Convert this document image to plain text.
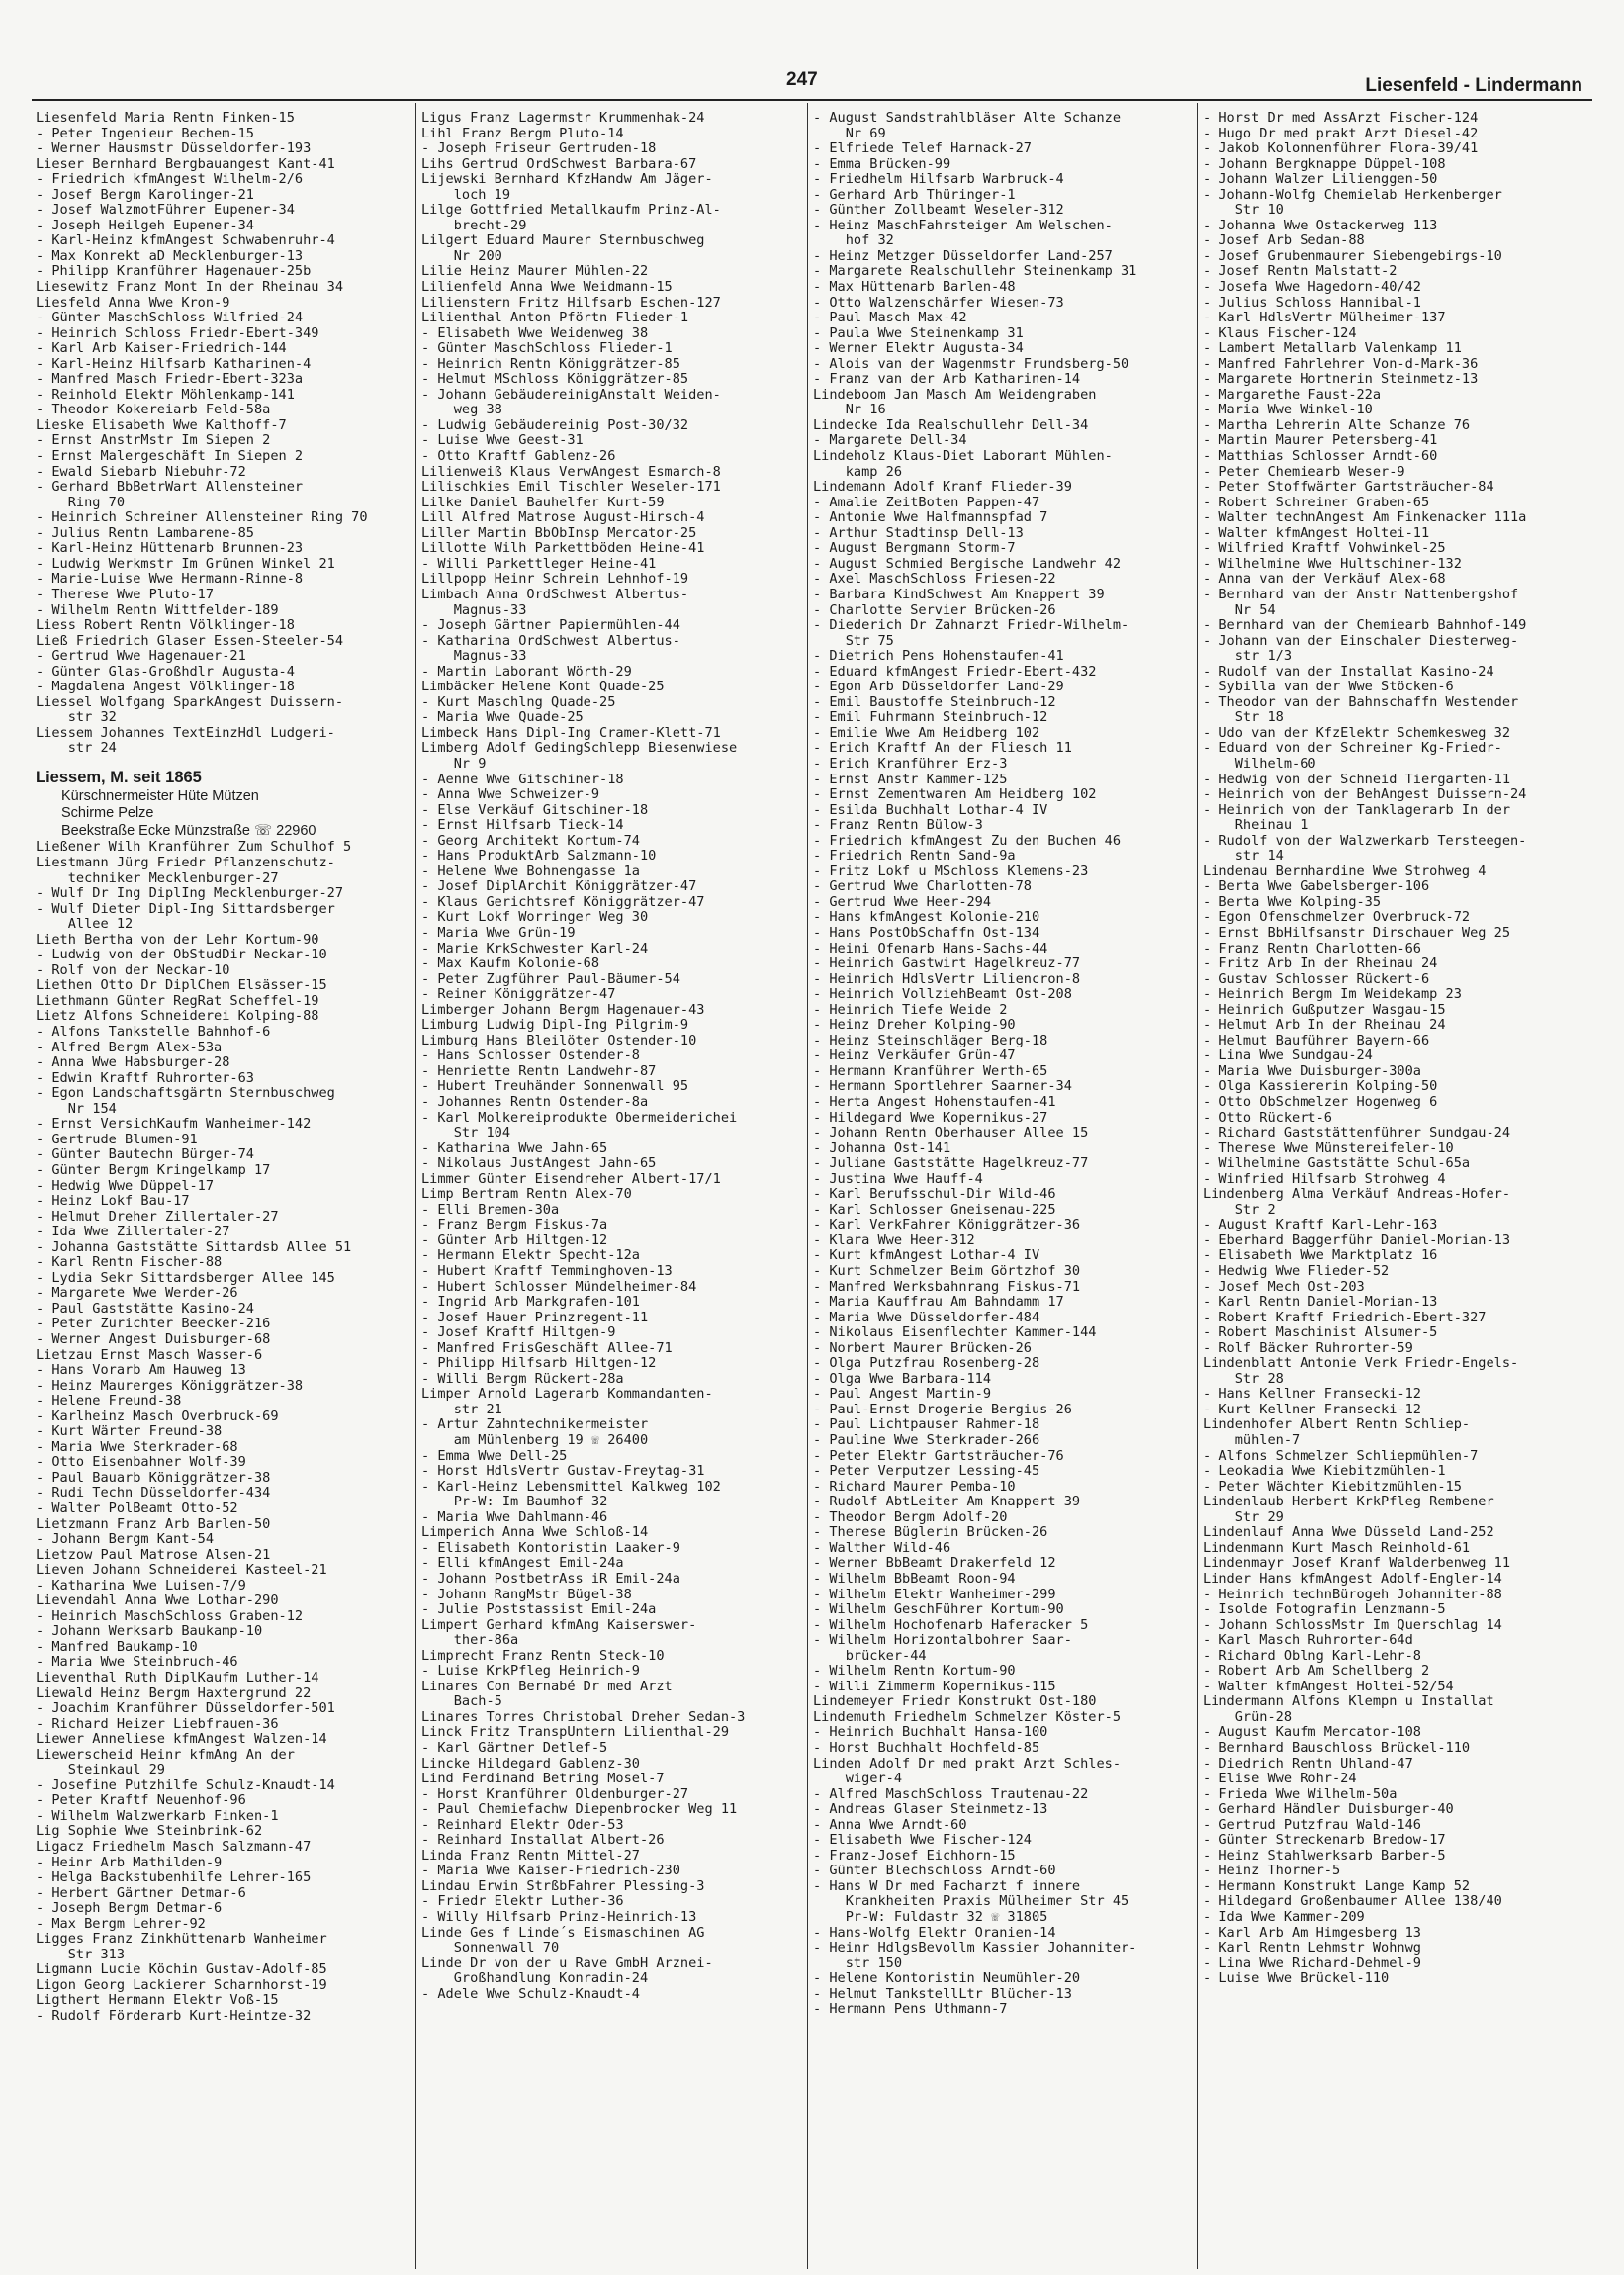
247	Liesenfeld - Lindermann
Liesenfeld Maria Rentn Finken-15
- Peter Ingenieur Bechem-15
- Werner Hausmstr Düsseldorfer-193
Lieser Bernhard Bergbauangest Kant-41
- Friedrich kfmAngest Wilhelm-2/6
- Josef Bergm Karolinger-21
- Josef WalzmotFührer Eupener-34
- Joseph Heilgeh Eupener-34
- Karl-Heinz kfmAngest Schwabenruhr-4
- Max Konrekt aD Mecklenburger-13
- Philipp Kranführer Hagenauer-25b
Liesewitz Franz Mont In der Rheinau 34
Liesfeld Anna Wwe Kron-9
- Günter MaschSchloss Wilfried-24
- Heinrich Schloss Friedr-Ebert-349
- Karl Arb Kaiser-Friedrich-144
- Karl-Heinz Hilfsarb Katharinen-4
- Manfred Masch Friedr-Ebert-323a
- Reinhold Elektr Möhlenkamp-141
- Theodor Kokereiarb Feld-58a
Lieske Elisabeth Wwe Kalthoff-7
- Ernst AnstrMstr Im Siepen 2
- Ernst Malergeschäft Im Siepen 2
- Ewald Siebarb Niebuhr-72
- Gerhard BbBetrWart Allensteiner
Ring 70
- Heinrich Schreiner Allensteiner Ring 70
- Julius Rentn Lambarene-85
- Karl-Heinz Hüttenarb Brunnen-23
- Ludwig Werkmstr Im Grünen Winkel 21
- Marie-Luise Wwe Hermann-Rinne-8
- Therese Wwe Pluto-17
- Wilhelm Rentn Wittfelder-189
Liess Robert Rentn Völklinger-18
Ließ Friedrich Glaser Essen-Steeler-54
- Gertrud Wwe Hagenauer-21
- Günter Glas-Großhdlr Augusta-4
- Magdalena Angest Völklinger-18
Liessel Wolfgang SparkAngest Duissern-
str 32
Liessem Johannes TextEinzHdl Ludgeri-
str 24
Liessem, M. seit 1865
Kürschnermeister Hüte Mützen
Schirme Pelze
Beekstraße Ecke Münzstraße ☏ 22960
Ließener Wilh Kranführer Zum Schulhof 5
Liestmann Jürg Friedr Pflanzenschutz-
techniker Mecklenburger-27
- Wulf Dr Ing DiplIng Mecklenburger-27
- Wulf Dieter Dipl-Ing Sittardsberger
Allee 12
Lieth Bertha von der Lehr Kortum-90
- Ludwig von der ObStudDir Neckar-10
- Rolf von der Neckar-10
Liethen Otto Dr DiplChem Elsässer-15
Liethmann Günter RegRat Scheffel-19
Lietz Alfons Schneiderei Kolping-88
- Alfons Tankstelle Bahnhof-6
- Alfred Bergm Alex-53a
- Anna Wwe Habsburger-28
- Edwin Kraftf Ruhrorter-63
- Egon Landschaftsgärtn Sternbuschweg
Nr 154
- Ernst VersichKaufm Wanheimer-142
- Gertrude Blumen-91
- Günter Bautechn Bürger-74
- Günter Bergm Kringelkamp 17
- Hedwig Wwe Düppel-17
- Heinz Lokf Bau-17
- Helmut Dreher Zillertaler-27
- Ida Wwe Zillertaler-27
- Johanna Gaststätte Sittardsb Allee 51
- Karl Rentn Fischer-88
- Lydia Sekr Sittardsberger Allee 145
- Margarete Wwe Werder-26
- Paul Gaststätte Kasino-24
- Peter Zurichter Beecker-216
- Werner Angest Duisburger-68
Lietzau Ernst Masch Wasser-6
- Hans Vorarb Am Hauweg 13
- Heinz Maurerges Königgrätzer-38
- Helene Freund-38
- Karlheinz Masch Overbruck-69
- Kurt Wärter Freund-38
- Maria Wwe Sterkrader-68
- Otto Eisenbahner Wolf-39
- Paul Bauarb Königgrätzer-38
- Rudi Techn Düsseldorfer-434
- Walter PolBeamt Otto-52
Lietzmann Franz Arb Barlen-50
- Johann Bergm Kant-54
Lietzow Paul Matrose Alsen-21
Lieven Johann Schneiderei Kasteel-21
- Katharina Wwe Luisen-7/9
Lievendahl Anna Wwe Lothar-290
- Heinrich MaschSchloss Graben-12
- Johann Werksarb Baukamp-10
- Manfred Baukamp-10
- Maria Wwe Steinbruch-46
Lieventhal Ruth DiplKaufm Luther-14
Liewald Heinz Bergm Haxtergrund 22
- Joachim Kranführer Düsseldorfer-501
- Richard Heizer Liebfrauen-36
Liewer Anneliese kfmAngest Walzen-14
Liewerscheid Heinr kfmAng An der
Steinkaul 29
- Josefine Putzhilfe Schulz-Knaudt-14
- Peter Kraftf Neuenhof-96
- Wilhelm Walzwerkarb Finken-1
Lig Sophie Wwe Steinbrink-62
Ligacz Friedhelm Masch Salzmann-47
- Heinr Arb Mathilden-9
- Helga Backstubenhilfe Lehrer-165
- Herbert Gärtner Detmar-6
- Joseph Bergm Detmar-6
- Max Bergm Lehrer-92
Ligges Franz Zinkhüttenarb Wanheimer
Str 313
Ligmann Lucie Köchin Gustav-Adolf-85
Ligon Georg Lackierer Scharnhorst-19
Ligthert Hermann Elektr Voß-15
- Rudolf Förderarb Kurt-Heintze-32
Ligus Franz Lagermstr Krummenhak-24
Lihl Franz Bergm Pluto-14
- Joseph Friseur Gertruden-18
Lihs Gertrud OrdSchwest Barbara-67
Lijewski Bernhard KfzHandw Am Jäger-
loch 19
Lilge Gottfried Metallkaufm Prinz-Al-
brecht-29
Lilgert Eduard Maurer Sternbuschweg
Nr 200
Lilie Heinz Maurer Mühlen-22
Lilienfeld Anna Wwe Weidmann-15
Lilienstern Fritz Hilfsarb Eschen-127
Lilienthal Anton Pförtn Flieder-1
- Elisabeth Wwe Weidenweg 38
- Günter MaschSchloss Flieder-1
- Heinrich Rentn Königgrätzer-85
- Helmut MSchloss Königgrätzer-85
- Johann GebäudereinigAnstalt Weiden-
weg 38
- Ludwig Gebäudereinig Post-30/32
- Luise Wwe Geest-31
- Otto Kraftf Gablenz-26
Lilienweiß Klaus VerwAngest Esmarch-8
Lilischkies Emil Tischler Weseler-171
Lilke Daniel Bauhelfer Kurt-59
Lill Alfred Matrose August-Hirsch-4
Liller Martin BbObInsp Mercator-25
Lillotte Wilh Parkettböden Heine-41
- Willi Parkettleger Heine-41
Lillpopp Heinr Schrein Lehnhof-19
Limbach Anna OrdSchwest Albertus-
Magnus-33
- Joseph Gärtner Papiermühlen-44
- Katharina OrdSchwest Albertus-
Magnus-33
- Martin Laborant Wörth-29
Limbäcker Helene Kont Quade-25
- Kurt Maschlng Quade-25
- Maria Wwe Quade-25
Limbeck Hans Dipl-Ing Cramer-Klett-71
Limberg Adolf GedingSchlepp Biesenwiese
Nr 9
- Aenne Wwe Gitschiner-18
- Anna Wwe Schweizer-9
- Else Verkäuf Gitschiner-18
- Ernst Hilfsarb Tieck-14
- Georg Architekt Kortum-74
- Hans ProduktArb Salzmann-10
- Helene Wwe Bohnengasse 1a
- Josef DiplArchit Königgrätzer-47
- Klaus Gerichtsref Königgrätzer-47
- Kurt Lokf Worringer Weg 30
- Maria Wwe Grün-19
- Marie KrkSchwester Karl-24
- Max Kaufm Kolonie-68
- Peter Zugführer Paul-Bäumer-54
- Reiner Königgrätzer-47
Limberger Johann Bergm Hagenauer-43
Limburg Ludwig Dipl-Ing Pilgrim-9
Limburg Hans Bleilöter Ostender-10
- Hans Schlosser Ostender-8
- Henriette Rentn Landwehr-87
- Hubert Treuhänder Sonnenwall 95
- Johannes Rentn Ostender-8a
- Karl Molkereiprodukte Obermeiderichei
Str 104
- Katharina Wwe Jahn-65
- Nikolaus JustAngest Jahn-65
Limmer Günter Eisendreher Albert-17/1
Limp Bertram Rentn Alex-70
- Elli Bremen-30a
- Franz Bergm Fiskus-7a
- Günter Arb Hiltgen-12
- Hermann Elektr Specht-12a
- Hubert Kraftf Temminghoven-13
- Hubert Schlosser Mündelheimer-84
- Ingrid Arb Markgrafen-101
- Josef Hauer Prinzregent-11
- Josef Kraftf Hiltgen-9
- Manfred FrisGeschäft Allee-71
- Philipp Hilfsarb Hiltgen-12
- Willi Bergm Rückert-28a
Limper Arnold Lagerarb Kommandanten-
str 21
- Artur Zahntechnikermeister
am Mühlenberg 19 ☏ 26400
- Emma Wwe Dell-25
- Horst HdlsVertr Gustav-Freytag-31
- Karl-Heinz Lebensmittel Kalkweg 102
Pr-W: Im Baumhof 32
- Maria Wwe Dahlmann-46
Limperich Anna Wwe Schloß-14
- Elisabeth Kontoristin Laaker-9
- Elli kfmAngest Emil-24a
- Johann PostbetrAss iR Emil-24a
- Johann RangMstr Bügel-38
- Julie Poststassist Emil-24a
Limpert Gerhard kfmAng Kaiserswer-
ther-86a
Limprecht Franz Rentn Steck-10
- Luise KrkPfleg Heinrich-9
Linares Con Bernabé Dr med Arzt
Bach-5
Linares Torres Christobal Dreher Sedan-3
Linck Fritz TranspUntern Lilienthal-29
- Karl Gärtner Detlef-5
Lincke Hildegard Gablenz-30
Lind Ferdinand Betring Mosel-7
- Horst Kranführer Oldenburger-27
- Paul Chemiefachw Diepenbrocker Weg 11
- Reinhard Elektr Oder-53
- Reinhard Installat Albert-26
Linda Franz Rentn Mittel-27
- Maria Wwe Kaiser-Friedrich-230
Lindau Erwin StrßbFahrer Plessing-3
- Friedr Elektr Luther-36
- Willy Hilfsarb Prinz-Heinrich-13
Linde Ges f Linde´s Eismaschinen AG
Sonnenwall 70
Linde Dr von der u Rave GmbH Arznei-
Großhandlung Konradin-24
- Adele Wwe Schulz-Knaudt-4
- August Sandstrahlbläser Alte Schanze
Nr 69
- Elfriede Telef Harnack-27
- Emma Brücken-99
- Friedhelm Hilfsarb Warbruck-4
- Gerhard Arb Thüringer-1
- Günther Zollbeamt Weseler-312
- Heinz MaschFahrsteiger Am Welschen-
hof 32
- Heinz Metzger Düsseldorfer Land-257
- Margarete Realschullehr Steinenkamp 31
- Max Hüttenarb Barlen-48
- Otto Walzenschärfer Wiesen-73
- Paul Masch Max-42
- Paula Wwe Steinenkamp 31
- Werner Elektr Augusta-34
- Alois van der Wagenmstr Frundsberg-50
- Franz van der Arb Katharinen-14
Lindeboom Jan Masch Am Weidengraben
Nr 16
Lindecke Ida Realschullehr Dell-34
- Margarete Dell-34
Lindeholz Klaus-Diet Laborant Mühlen-
kamp 26
Lindemann Adolf Kranf Flieder-39
- Amalie ZeitBoten Pappen-47
- Antonie Wwe Halfmannspfad 7
- Arthur Stadtinsp Dell-13
- August Bergmann Storm-7
- August Schmied Bergische Landwehr 42
- Axel MaschSchloss Friesen-22
- Barbara KindSchwest Am Knappert 39
- Charlotte Servier Brücken-26
- Diederich Dr Zahnarzt Friedr-Wilhelm-
Str 75
- Dietrich Pens Hohenstaufen-41
- Eduard kfmAngest Friedr-Ebert-432
- Egon Arb Düsseldorfer Land-29
- Emil Baustoffe Steinbruch-12
- Emil Fuhrmann Steinbruch-12
- Emilie Wwe Am Heidberg 102
- Erich Kraftf An der Fliesch 11
- Erich Kranführer Erz-3
- Ernst Anstr Kammer-125
- Ernst Zementwaren Am Heidberg 102
- Esilda Buchhalt Lothar-4 IV
- Franz Rentn Bülow-3
- Friedrich kfmAngest Zu den Buchen 46
- Friedrich Rentn Sand-9a
- Fritz Lokf u MSchloss Klemens-23
- Gertrud Wwe Charlotten-78
- Gertrud Wwe Heer-294
- Hans kfmAngest Kolonie-210
- Hans PostObSchaffn Ost-134
- Heini Ofenarb Hans-Sachs-44
- Heinrich Gastwirt Hagelkreuz-77
- Heinrich HdlsVertr Liliencron-8
- Heinrich VollziehBeamt Ost-208
- Heinrich Tiefe Weide 2
- Heinz Dreher Kolping-90
- Heinz Steinschläger Berg-18
- Heinz Verkäufer Grün-47
- Hermann Kranführer Werth-65
- Hermann Sportlehrer Saarner-34
- Herta Angest Hohenstaufen-41
- Hildegard Wwe Kopernikus-27
- Johann Rentn Oberhauser Allee 15
- Johanna Ost-141
- Juliane Gaststätte Hagelkreuz-77
- Justina Wwe Hauff-4
- Karl Berufsschul-Dir Wild-46
- Karl Schlosser Gneisenau-225
- Karl VerkFahrer Königgrätzer-36
- Klara Wwe Heer-312
- Kurt kfmAngest Lothar-4 IV
- Kurt Schmelzer Beim Görtzhof 30
- Manfred Werksbahnrang Fiskus-71
- Maria Kauffrau Am Bahndamm 17
- Maria Wwe Düsseldorfer-484
- Nikolaus Eisenflechter Kammer-144
- Norbert Maurer Brücken-26
- Olga Putzfrau Rosenberg-28
- Olga Wwe Barbara-114
- Paul Angest Martin-9
- Paul-Ernst Drogerie Bergius-26
- Paul Lichtpauser Rahmer-18
- Pauline Wwe Sterkrader-266
- Peter Elektr Gartsträucher-76
- Peter Verputzer Lessing-45
- Richard Maurer Pemba-10
- Rudolf AbtLeiter Am Knappert 39
- Theodor Bergm Adolf-20
- Therese Büglerin Brücken-26
- Walther Wild-46
- Werner BbBeamt Drakerfeld 12
- Wilhelm BbBeamt Roon-94
- Wilhelm Elektr Wanheimer-299
- Wilhelm GeschFührer Kortum-90
- Wilhelm Hochofenarb Haferacker 5
- Wilhelm Horizontalbohrer Saar-
brücker-44
- Wilhelm Rentn Kortum-90
- Willi Zimmerm Kopernikus-115
Lindemeyer Friedr Konstrukt Ost-180
Lindemuth Friedhelm Schmelzer Köster-5
- Heinrich Buchhalt Hansa-100
- Horst Buchhalt Hochfeld-85
Linden Adolf Dr med prakt Arzt Schles-
wiger-4
- Alfred MaschSchloss Trautenau-22
- Andreas Glaser Steinmetz-13
- Anna Wwe Arndt-60
- Elisabeth Wwe Fischer-124
- Franz-Josef Eichhorn-15
- Günter Blechschloss Arndt-60
- Hans W Dr med Facharzt f innere
Krankheiten Praxis Mülheimer Str 45
Pr-W: Fuldastr 32 ☏ 31805
- Hans-Wolfg Elektr Oranien-14
- Heinr HdlgsBevollm Kassier Johanniter-
str 150
- Helene Kontoristin Neumühler-20
- Helmut TankstellLtr Blücher-13
- Hermann Pens Uthmann-7
- Horst Dr med AssArzt Fischer-124
- Hugo Dr med prakt Arzt Diesel-42
- Jakob Kolonnenführer Flora-39/41
- Johann Bergknappe Düppel-108
- Johann Walzer Lilienggen-50
- Johann-Wolfg Chemielab Herkenberger
Str 10
- Johanna Wwe Ostackerweg 113
- Josef Arb Sedan-88
- Josef Grubenmaurer Siebengebirgs-10
- Josef Rentn Malstatt-2
- Josefa Wwe Hagedorn-40/42
- Julius Schloss Hannibal-1
- Karl HdlsVertr Mülheimer-137
- Klaus Fischer-124
- Lambert Metallarb Valenkamp 11
- Manfred Fahrlehrer Von-d-Mark-36
- Margarete Hortnerin Steinmetz-13
- Margarethe Faust-22a
- Maria Wwe Winkel-10
- Martha Lehrerin Alte Schanze 76
- Martin Maurer Petersberg-41
- Matthias Schlosser Arndt-60
- Peter Chemiearb Weser-9
- Peter Stoffwärter Gartsträucher-84
- Robert Schreiner Graben-65
- Walter technAngest Am Finkenacker 111a
- Walter kfmAngest Holtei-11
- Wilfried Kraftf Vohwinkel-25
- Wilhelmine Wwe Hultschiner-132
- Anna van der Verkäuf Alex-68
- Bernhard van der Anstr Nattenbergshof
Nr 54
- Bernhard van der Chemiearb Bahnhof-149
- Johann van der Einschaler Diesterweg-
str 1/3
- Rudolf van der Installat Kasino-24
- Sybilla van der Wwe Stöcken-6
- Theodor van der Bahnschaffn Westender
Str 18
- Udo van der KfzElektr Schemkesweg 32
- Eduard von der Schreiner Kg-Friedr-
Wilhelm-60
- Hedwig von der Schneid Tiergarten-11
- Heinrich von der BehAngest Duissern-24
- Heinrich von der Tanklagerarb In der
Rheinau 1
- Rudolf von der Walzwerkarb Tersteegen-
str 14
Lindenau Bernhardine Wwe Strohweg 4
- Berta Wwe Gabelsberger-106
- Berta Wwe Kolping-35
- Egon Ofenschmelzer Overbruck-72
- Ernst BbHilfsanstr Dirschauer Weg 25
- Franz Rentn Charlotten-66
- Fritz Arb In der Rheinau 24
- Gustav Schlosser Rückert-6
- Heinrich Bergm Im Weidekamp 23
- Heinrich Gußputzer Wasgau-15
- Helmut Arb In der Rheinau 24
- Helmut Bauführer Bayern-66
- Lina Wwe Sundgau-24
- Maria Wwe Duisburger-300a
- Olga Kassiererin Kolping-50
- Otto ObSchmelzer Hogenweg 6
- Otto Rückert-6
- Richard Gaststättenführer Sundgau-24
- Therese Wwe Münstereifeler-10
- Wilhelmine Gaststätte Schul-65a
- Winfried Hilfsarb Strohweg 4
Lindenberg Alma Verkäuf Andreas-Hofer-
Str 2
- August Kraftf Karl-Lehr-163
- Eberhard Baggerführ Daniel-Morian-13
- Elisabeth Wwe Marktplatz 16
- Hedwig Wwe Flieder-52
- Josef Mech Ost-203
- Karl Rentn Daniel-Morian-13
- Robert Kraftf Friedrich-Ebert-327
- Robert Maschinist Alsumer-5
- Rolf Bäcker Ruhrorter-59
Lindenblatt Antonie Verk Friedr-Engels-
Str 28
- Hans Kellner Fransecki-12
- Kurt Kellner Fransecki-12
Lindenhofer Albert Rentn Schliep-
mühlen-7
- Alfons Schmelzer Schliepmühlen-7
- Leokadia Wwe Kiebitzmühlen-1
- Peter Wächter Kiebitzmühlen-15
Lindenlaub Herbert KrkPfleg Rembener
Str 29
Lindenlauf Anna Wwe Düsseld Land-252
Lindenmann Kurt Masch Reinhold-61
Lindenmayr Josef Kranf Walderbenweg 11
Linder Hans kfmAngest Adolf-Engler-14
- Heinrich technBürogeh Johanniter-88
- Isolde Fotografin Lenzmann-5
- Johann SchlossMstr Im Querschlag 14
- Karl Masch Ruhrorter-64d
- Richard Oblng Karl-Lehr-8
- Robert Arb Am Schellberg 2
- Walter kfmAngest Holtei-52/54
Lindermann Alfons Klempn u Installat
Grün-28
- August Kaufm Mercator-108
- Bernhard Bauschloss Brückel-110
- Diedrich Rentn Uhland-47
- Elise Wwe Rohr-24
- Frieda Wwe Wilhelm-50a
- Gerhard Händler Duisburger-40
- Gertrud Putzfrau Wald-146
- Günter Streckenarb Bredow-17
- Heinz Stahlwerksarb Barber-5
- Heinz Thorner-5
- Hermann Konstrukt Lange Kamp 52
- Hildegard Großenbaumer Allee 138/40
- Ida Wwe Kammer-209
- Karl Arb Am Himgesberg 13
- Karl Rentn Lehmstr Wohnwg
- Lina Wwe Richard-Dehmel-9
- Luise Wwe Brückel-110
